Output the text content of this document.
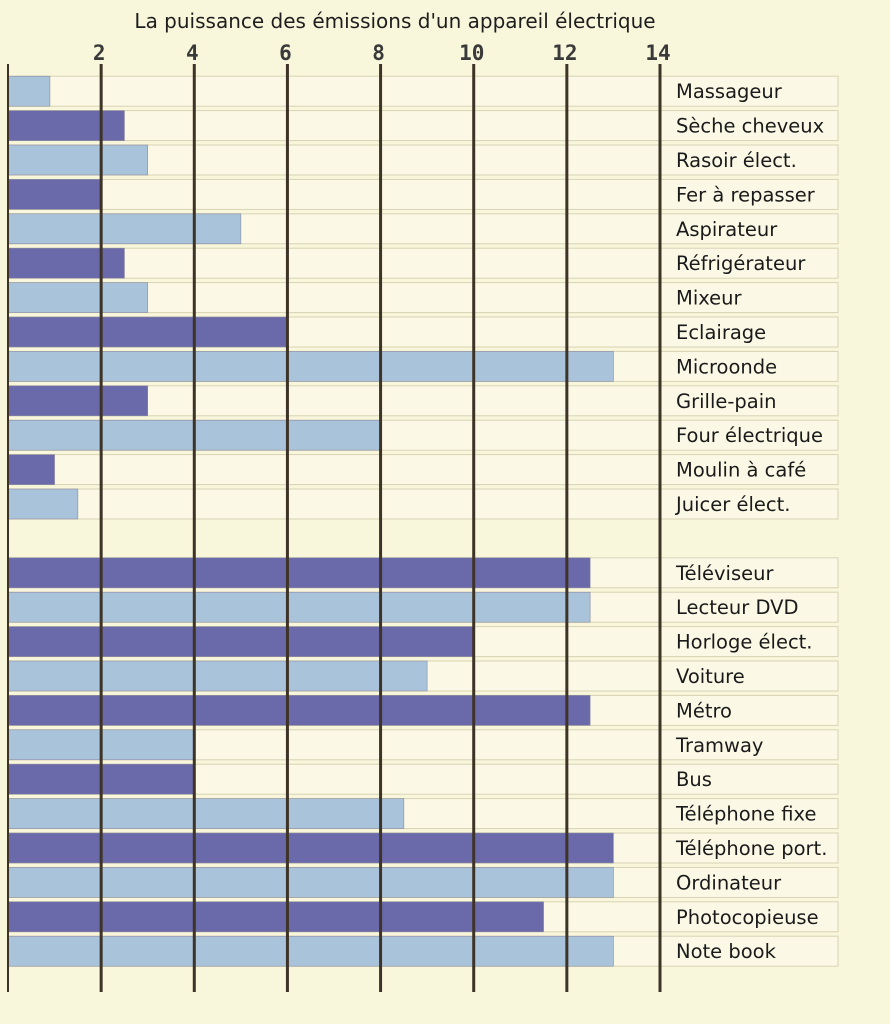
La puissance des émissions d'un appareil électrique
2	4	6	8	10	12	14
Massageur
Sèche cheveux
Rasoir élect.
Fer à repasser
Aspirateur
Réfrigérateur
Mixeur
Eclairage
Microonde
Grille-pain
Four électrique
Moulin à café
Juicer élect.
Téléviseur
Lecteur DVD
Horloge élect.
Voiture
Métro
Tramway
Bus
Téléphone fixe
Téléphone port.
Ordinateur
Photocopieuse
Note book
